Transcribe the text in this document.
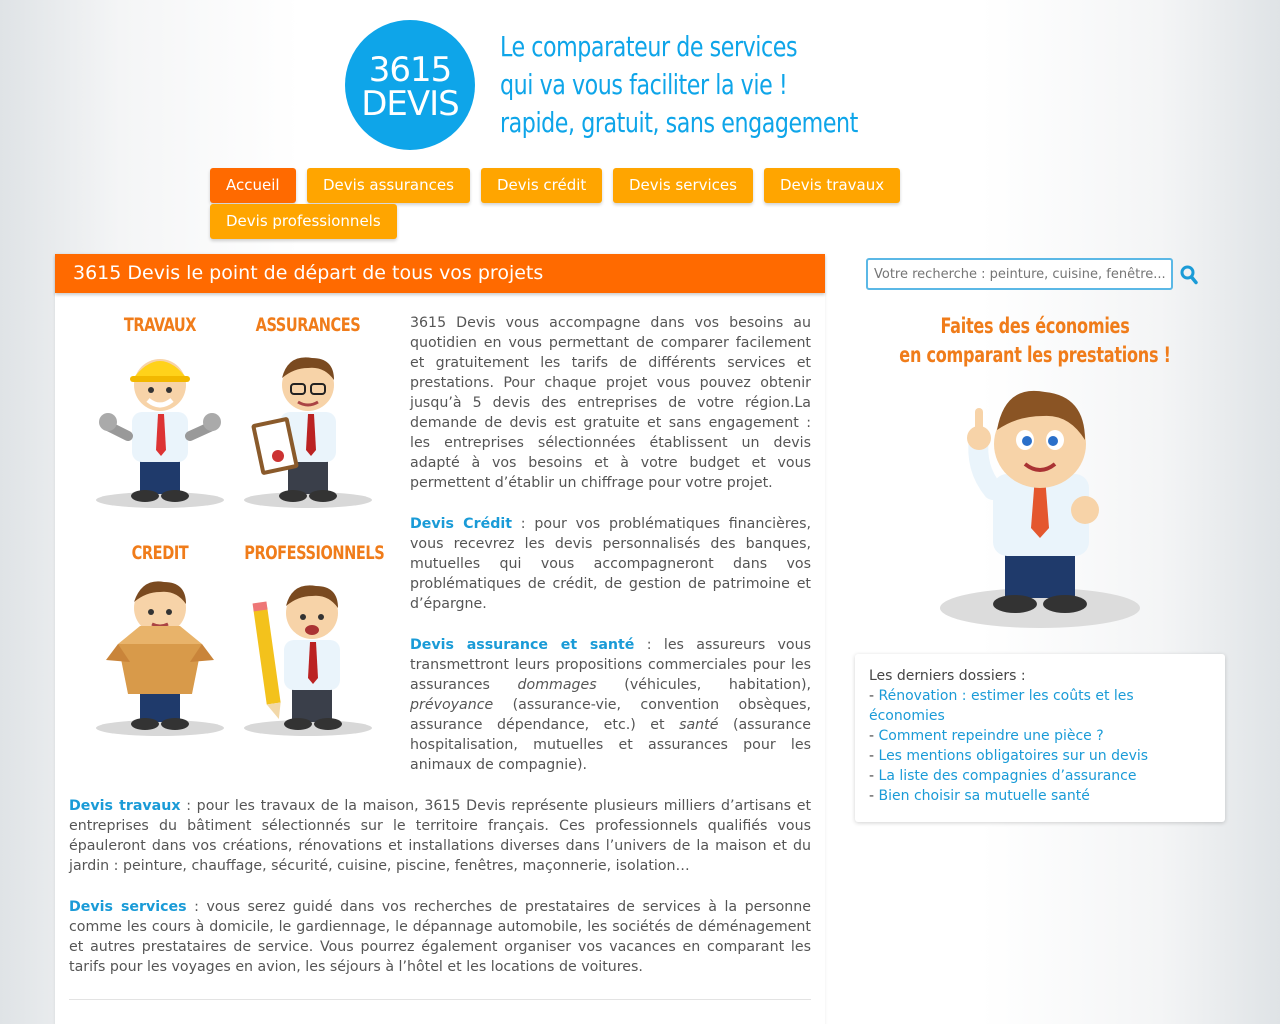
3615
DEVIS
Le comparateur de services
qui va vous faciliter la vie !
rapide, gratuit, sans engagement
Accueil	Devis assurances	Devis crédit	Devis services	Devis travaux
Devis professionnels
3615 Devis le point de départ de tous vos projets
TRAVAUX	ASSURANCES
CREDIT	PROFESSIONNELS

3615 Devis vous accompagne dans vos besoins au quotidien en vous permettant de comparer facilement et gratuitement les tarifs de différents services et prestations. Pour chaque projet vous pouvez obtenir jusqu’à 5 devis des entreprises de votre région.La demande de devis est gratuite et sans engagement : les entreprises sélectionnées établissent un devis adapté à vos besoins et à votre budget et vous permettent d’établir un chiffrage pour votre projet.

Devis Crédit : pour vos problématiques financières, vous recevrez les devis personnalisés des banques, mutuelles qui vous accompagneront dans vos problématiques de crédit, de gestion de patrimoine et d’épargne.

Devis assurance et santé : les assureurs vous transmettront leurs propositions commerciales pour les assurances dommages (véhicules, habitation), prévoyance (assurance-vie, convention obsèques, assurance dépendance, etc.) et santé (assurance hospitalisation, mutuelles et assurances pour les animaux de compagnie).

Devis travaux : pour les travaux de la maison, 3615 Devis représente plusieurs milliers d’artisans et entreprises du bâtiment sélectionnés sur le territoire français. Ces professionnels qualifiés vous épauleront dans vos créations, rénovations et installations diverses dans l’univers de la maison et du jardin : peinture, chauffage, sécurité, cuisine, piscine, fenêtres, maçonnerie, isolation…

Devis services : vous serez guidé dans vos recherches de prestataires de services à la personne comme les cours à domicile, le gardiennage, le dépannage automobile, les sociétés de déménagement et autres prestataires de service. Vous pourrez également organiser vos vacances en comparant les tarifs pour les voyages en avion, les séjours à l’hôtel et les locations de voitures.

Votre recherche : peinture, cuisine, fenêtre...
Faites des économies
en comparant les prestations !
Les derniers dossiers :
- Rénovation : estimer les coûts et les économies
- Comment repeindre une pièce ?
- Les mentions obligatoires sur un devis
- La liste des compagnies d’assurance
- Bien choisir sa mutuelle santé
